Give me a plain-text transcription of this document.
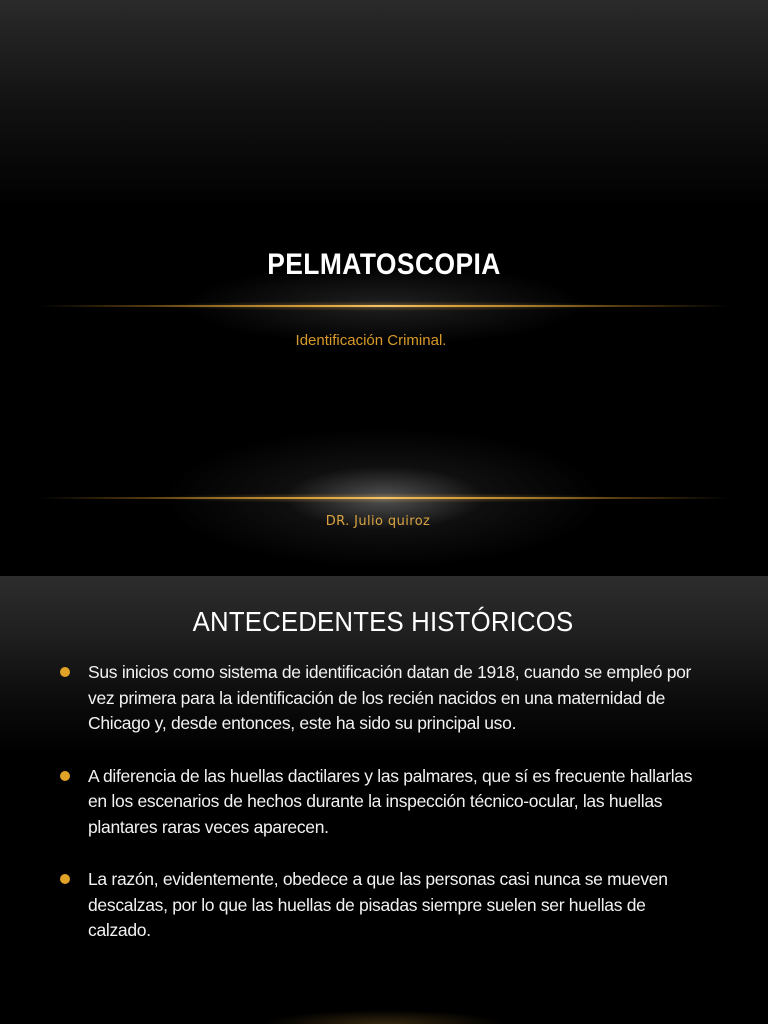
PELMATOSCOPIA
Identificación Criminal.
DR. Julio quiroz
ANTECEDENTES HISTÓRICOS
Sus inicios como sistema de identificación datan de 1918, cuando se empleó por vez primera para la identificación de los recién nacidos en una maternidad de Chicago y, desde entonces, este ha sido su principal uso.
A diferencia de las huellas dactilares y las palmares, que sí es frecuente hallarlas en los escenarios de hechos durante la inspección técnico-ocular, las huellas plantares raras veces aparecen.
La razón, evidentemente, obedece a que las personas casi nunca se mueven descalzas, por lo que las huellas de pisadas siempre suelen ser huellas de calzado.
